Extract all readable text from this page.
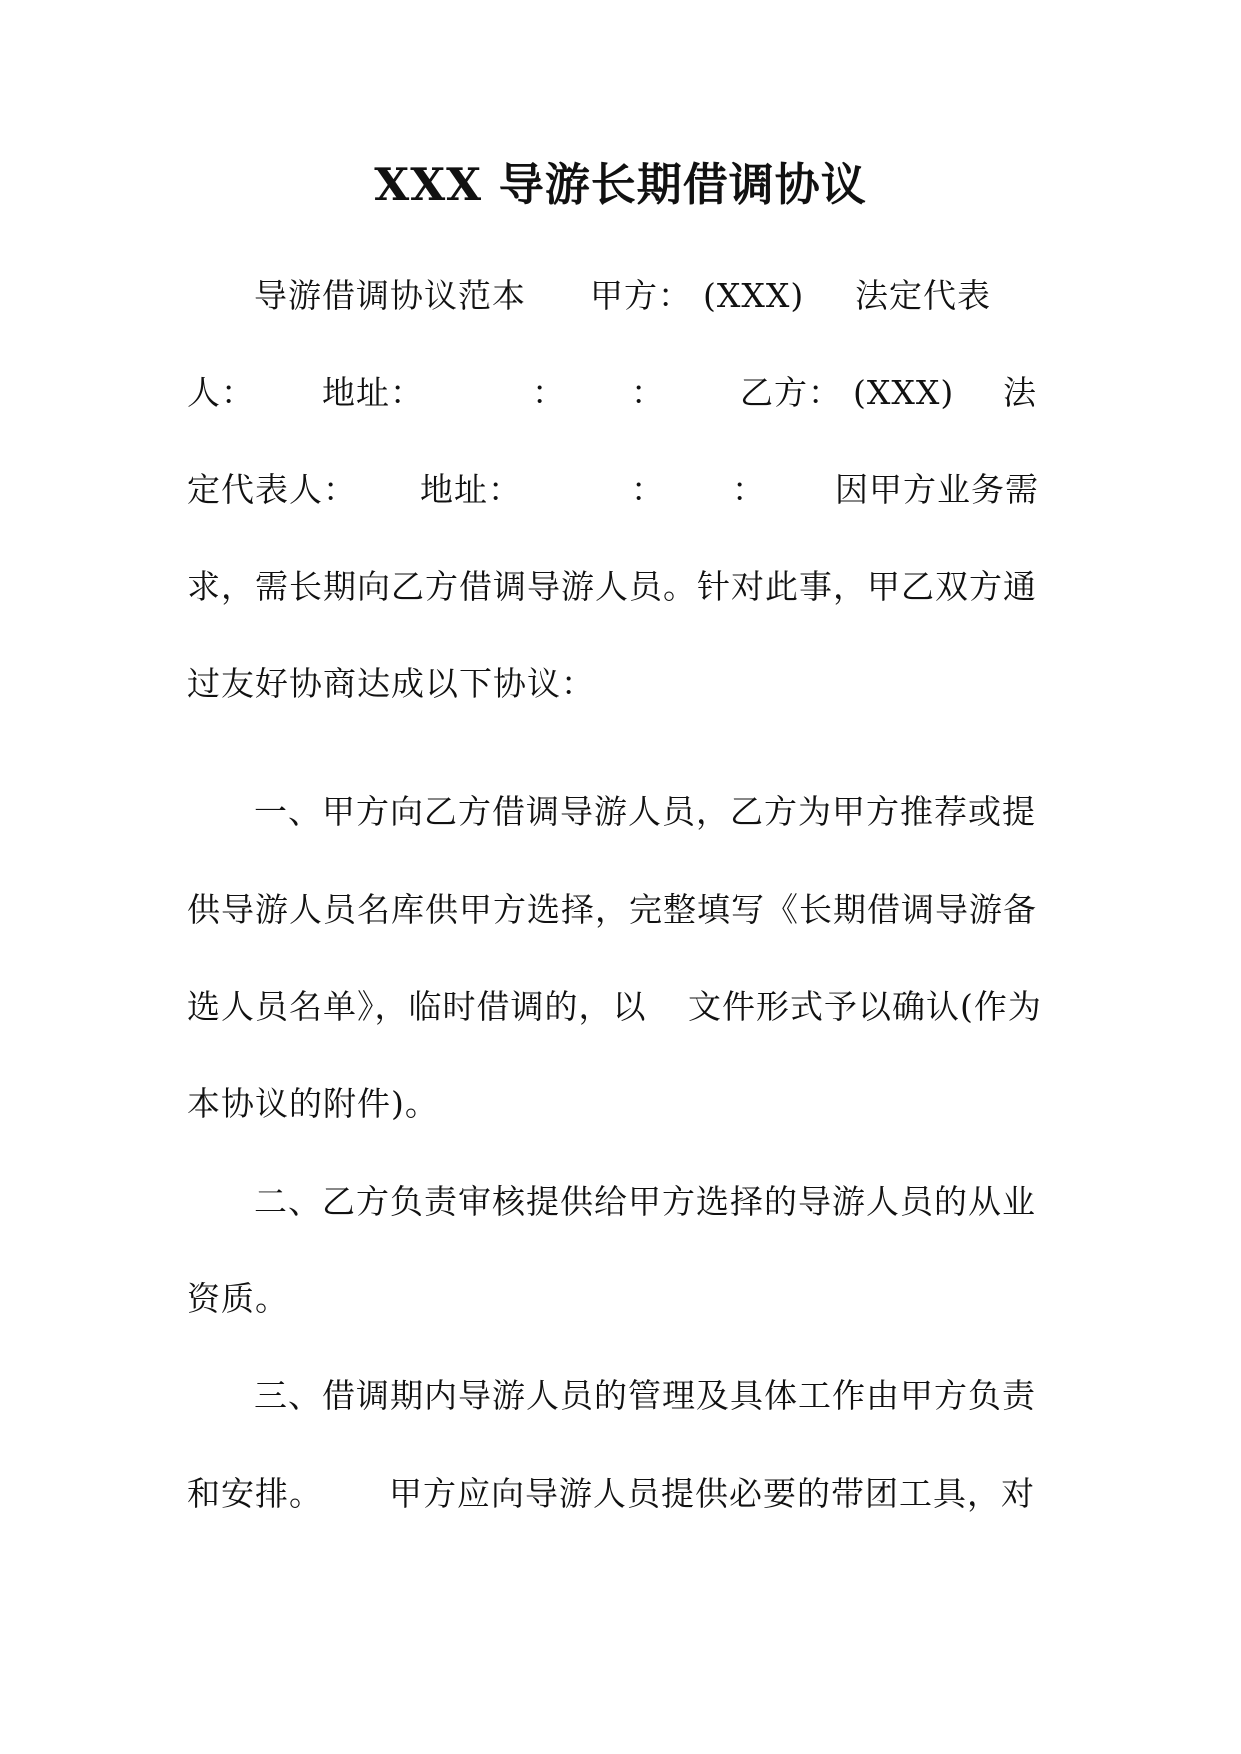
XXX 导游长期借调协议
导游借调协议范本 甲方： (XXX) 法定代表
人： 地址：	： ： 乙方： (XXX) 法
定代表人： 地址：	： ： 因甲方业务需
求，需长期向乙方借调导游人员。针对此事，甲乙双方通
过友好协商达成以下协议：
一、甲方向乙方借调导游人员，乙方为甲方推荐或提
供导游人员名库供甲方选择，完整填写《长期借调导游备
选人员名单》，临时借调的，以 文件形式予以确认(作为
本协议的附件)。
二、乙方负责审核提供给甲方选择的导游人员的从业
资质。
三、借调期内导游人员的管理及具体工作由甲方负责
和安排。 甲方应向导游人员提供必要的带团工具，对
